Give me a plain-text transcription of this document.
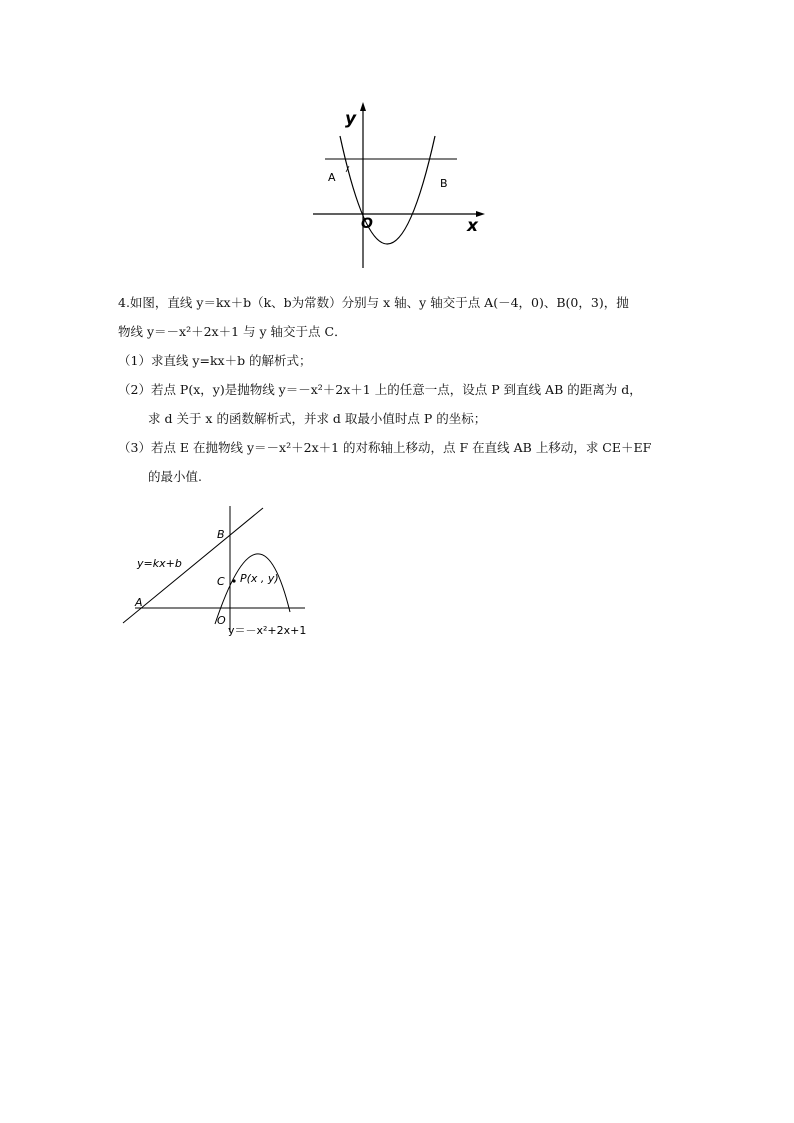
y
x
O
A	B
4.如图，直线 y＝kx＋b（k、b为常数）分别与 x 轴、y 轴交于点 A(－4，0)、B(0，3)，抛
物线 y＝－x²＋2x＋1 与 y 轴交于点 C．
（1）求直线 y=kx＋b 的解析式；
（2）若点 P(x，y)是抛物线 y＝－x²＋2x＋1 上的任意一点，设点 P 到直线 AB 的距离为 d，
求 d 关于 x 的函数解析式，并求 d 取最小值时点 P 的坐标；
（3）若点 E 在抛物线 y＝－x²＋2x＋1 的对称轴上移动，点 F 在直线 AB 上移动，求 CE＋EF
的最小值.
B
y=kx+b
C P(x , y)
A
O
y＝－x²+2x+1
